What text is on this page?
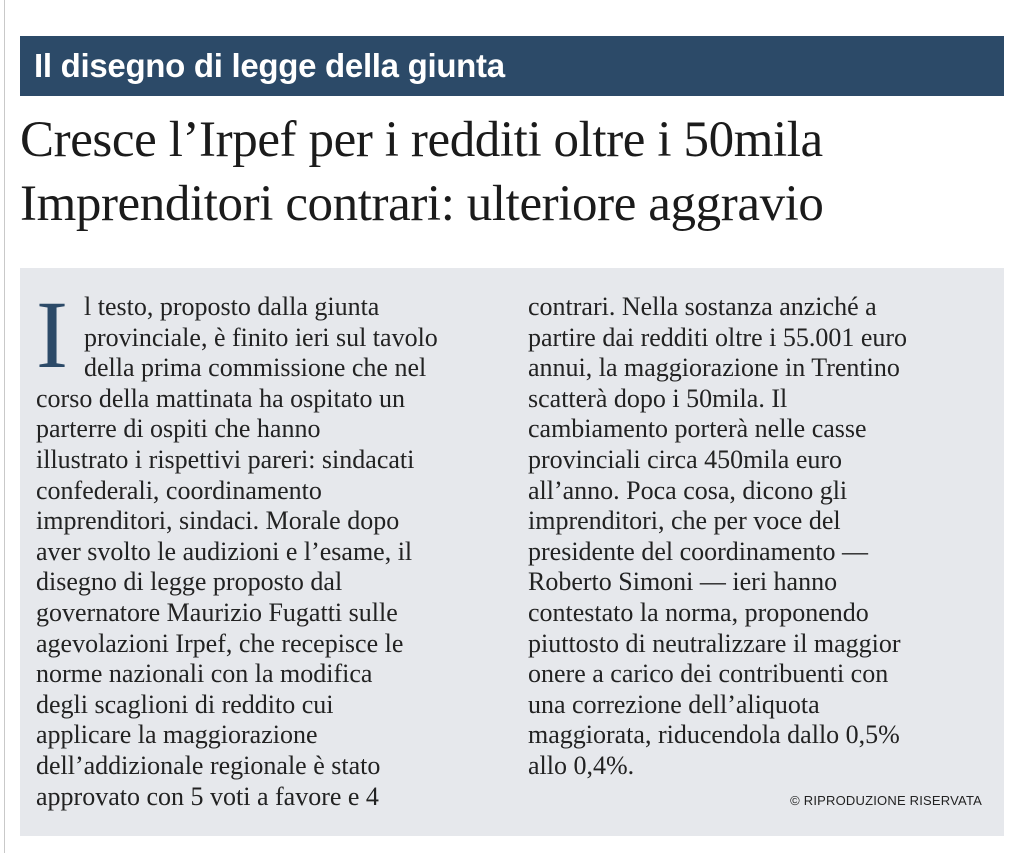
Il disegno di legge della giunta
Cresce l’Irpef per i redditi oltre i 50mila
Imprenditori contrari: ulteriore aggravio
I l testo, proposto dalla giunta
provinciale, è finito ieri sul tavolo
della prima commissione che nel
corso della mattinata ha ospitato un
parterre di ospiti che hanno
illustrato i rispettivi pareri: sindacati
confederali, coordinamento
imprenditori, sindaci. Morale dopo
aver svolto le audizioni e l’esame, il
disegno di legge proposto dal
governatore Maurizio Fugatti sulle
agevolazioni Irpef, che recepisce le
norme nazionali con la modifica
degli scaglioni di reddito cui
applicare la maggiorazione
dell’addizionale regionale è stato
approvato con 5 voti a favore e 4
contrari. Nella sostanza anziché a
partire dai redditi oltre i 55.001 euro
annui, la maggiorazione in Trentino
scatterà dopo i 50mila. Il
cambiamento porterà nelle casse
provinciali circa 450mila euro
all’anno. Poca cosa, dicono gli
imprenditori, che per voce del
presidente del coordinamento —
Roberto Simoni — ieri hanno
contestato la norma, proponendo
piuttosto di neutralizzare il maggior
onere a carico dei contribuenti con
una correzione dell’aliquota
maggiorata, riducendola dallo 0,5%
allo 0,4%.
© RIPRODUZIONE RISERVATA
